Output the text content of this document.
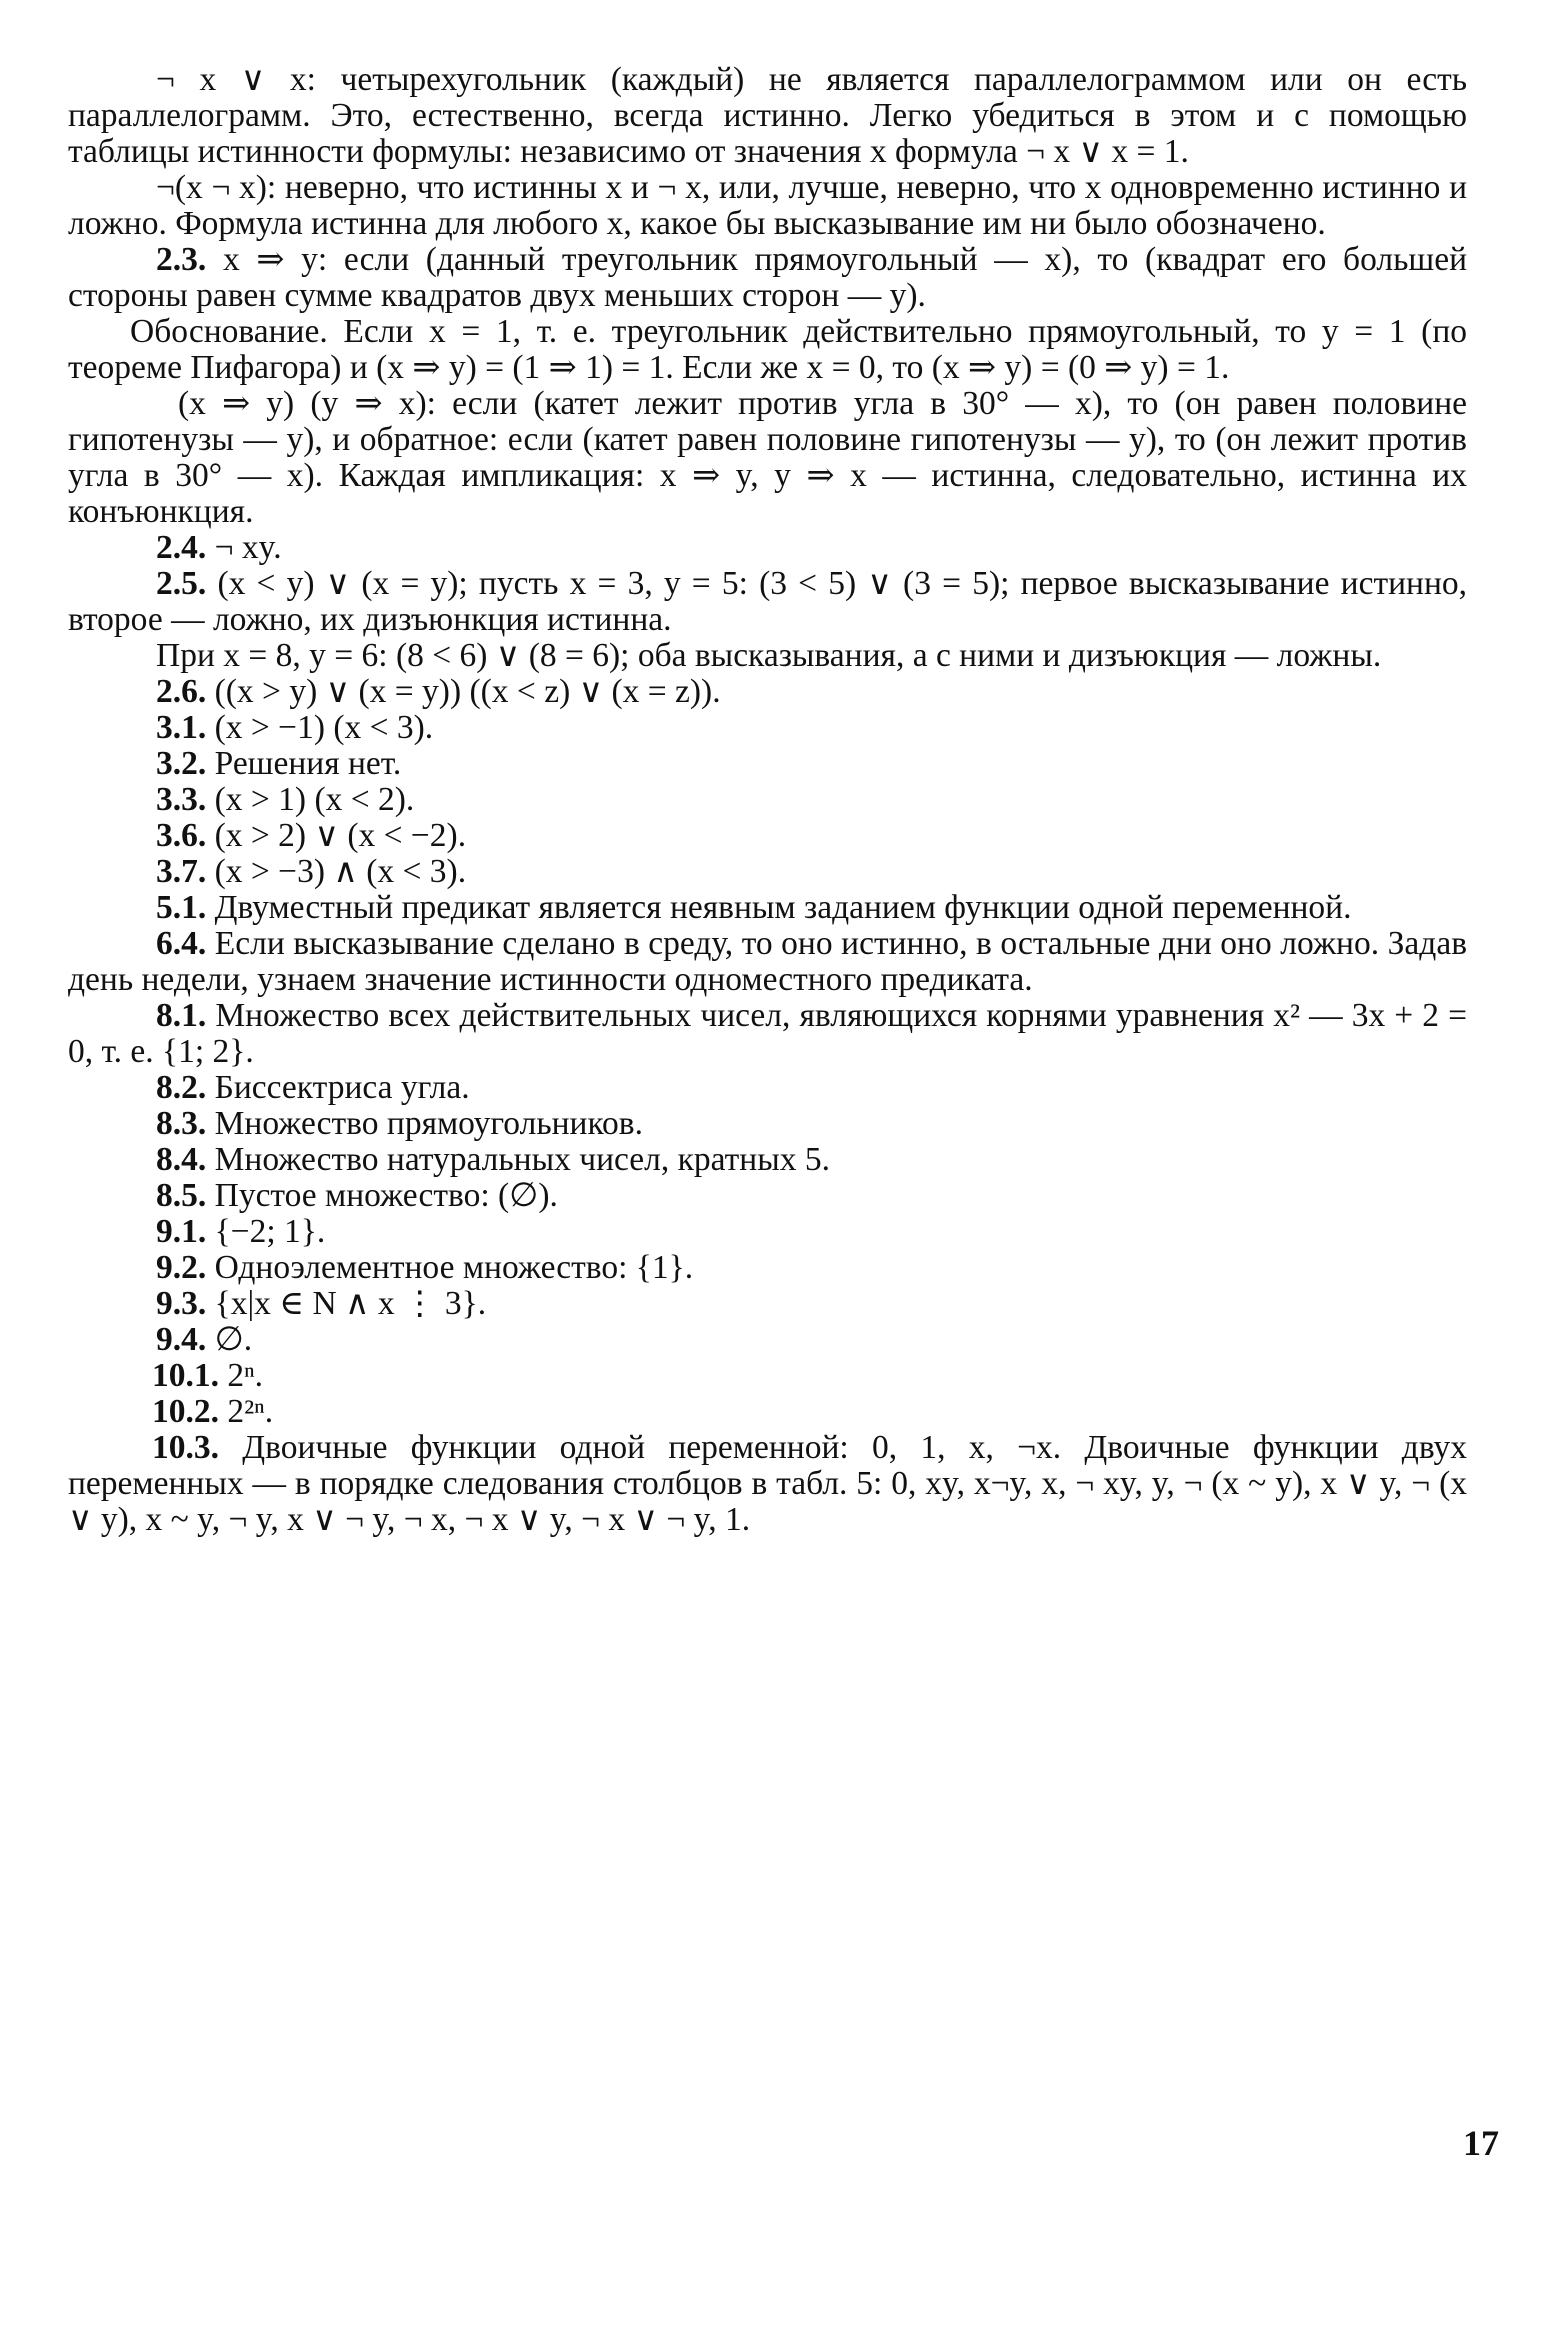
¬ x ∨ x: четырехугольник (каждый) не является параллелограммом или он есть параллелограмм. Это, естественно, всегда истинно. Легко убедиться в этом и с помощью таблицы истинности формулы: независимо от значения x формула ¬ x ∨ x = 1.

¬(x ¬ x): неверно, что истинны x и ¬ x, или, лучше, неверно, что x одновременно истинно и ложно. Формула истинна для любого x, какое бы высказывание им ни было обозначено.

2.3. x ⇒ y: если (данный треугольник прямоугольный — x), то (квадрат его большей стороны равен сумме квадратов двух меньших сторон — y).

Обоснование. Если x = 1, т. е. треугольник действительно прямоугольный, то y = 1 (по теореме Пифагора) и (x ⇒ y) = (1 ⇒ 1) = 1. Если же x = 0, то (x ⇒ y) = (0 ⇒ y) = 1.

(x ⇒ y) (y ⇒ x): если (катет лежит против угла в 30° — x), то (он равен половине гипотенузы — y), и обратное: если (катет равен половине гипотенузы — y), то (он лежит против угла в 30° — x). Каждая импликация: x ⇒ y, y ⇒ x — истинна, следовательно, истинна их конъюнкция.

2.4. ¬ xy.

2.5. (x < y) ∨ (x = y); пусть x = 3, y = 5: (3 < 5) ∨ (3 = 5); первое высказывание истинно, второе — ложно, их дизъюнкция истинна.

При x = 8, y = 6: (8 < 6) ∨ (8 = 6); оба высказывания, а с ними и дизъюкция — ложны.

2.6. ((x > y) ∨ (x = y)) ((x < z) ∨ (x = z)).

3.1. (x > −1) (x < 3).

3.2. Решения нет.

3.3. (x > 1) (x < 2).

3.6. (x > 2) ∨ (x < −2).

3.7. (x > −3) ∧ (x < 3).

5.1. Двуместный предикат является неявным заданием функции одной переменной.

6.4. Если высказывание сделано в среду, то оно истинно, в остальные дни оно ложно. Задав день недели, узнаем значение истинности одноместного предиката.

8.1. Множество всех действительных чисел, являющихся корнями уравнения x² — 3x + 2 = 0, т. е. {1; 2}.

8.2. Биссектриса угла.

8.3. Множество прямоугольников.

8.4. Множество натуральных чисел, кратных 5.

8.5. Пустое множество: (∅).

9.1. {−2; 1}.

9.2. Одноэлементное множество: {1}.

9.3. {x|x ∈ N ∧ x ⋮ 3}.

9.4. ∅.

10.1. 2ⁿ.

10.2. 2²ⁿ.

10.3. Двоичные функции одной переменной: 0, 1, x, ¬x. Двоичные функции двух переменных — в порядке следования столбцов в табл. 5: 0, xy, x¬y, x, ¬ xy, y, ¬ (x ~ y), x ∨ y, ¬ (x ∨ y), x ~ y, ¬ y, x ∨ ¬ y, ¬ x, ¬ x ∨ y, ¬ x ∨ ¬ y, 1.

17
